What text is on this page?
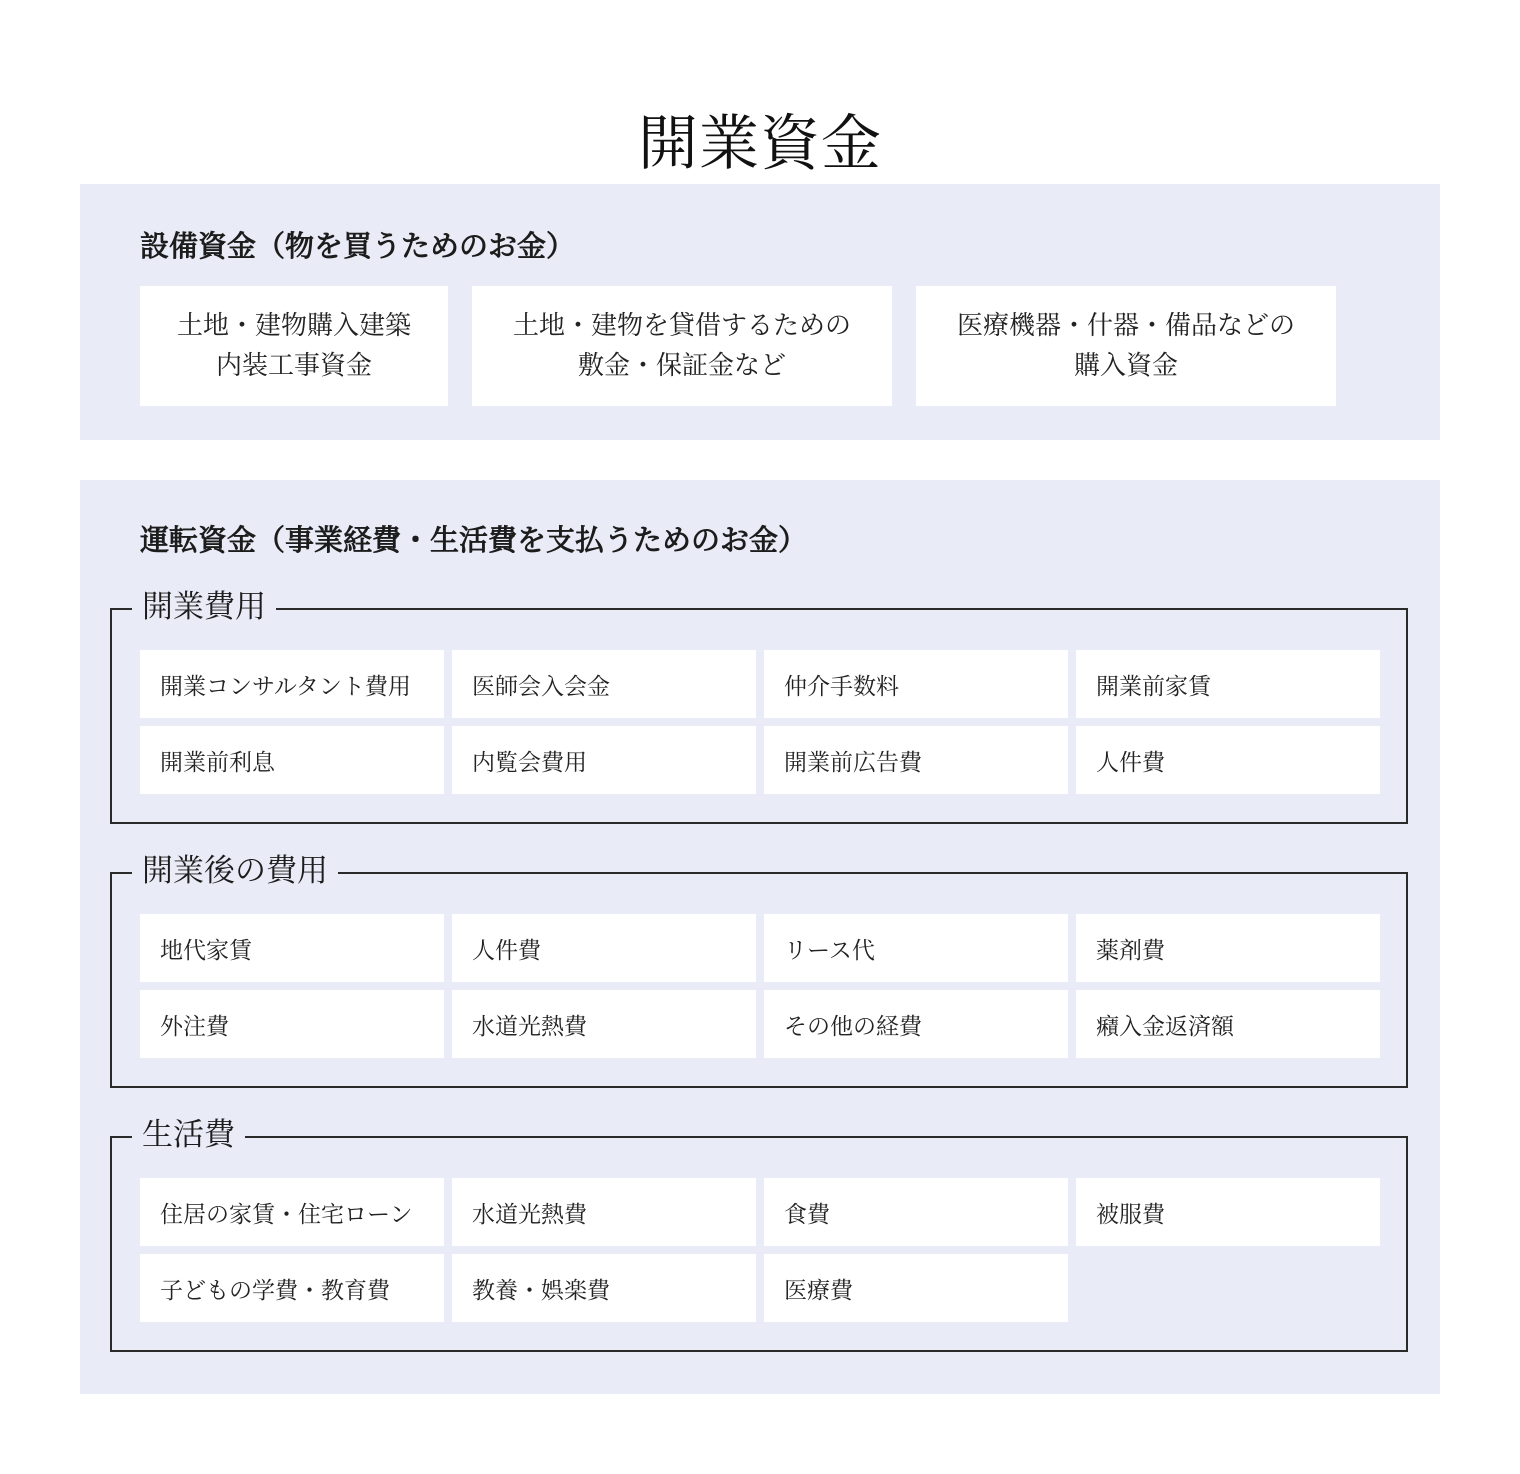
開業資金
設備資金（物を買うためのお金）
土地・建物購入建築
内装工事資金
土地・建物を貸借するための
敷金・保証金など
医療機器・什器・備品などの
購入資金
運転資金（事業経費・生活費を支払うためのお金）
開業費用
開業コンサルタント費用	医師会入会金	仲介手数料	開業前家賃
開業前利息	内覧会費用	開業前広告費	人件費
開業後の費用
地代家賃	人件費	リース代	薬剤費
外注費	水道光熱費	その他の経費	癪入金返済額
生活費
住居の家賃・住宅ローン	水道光熱費	食費	被服費
子どもの学費・教育費	教養・娯楽費	医療費
